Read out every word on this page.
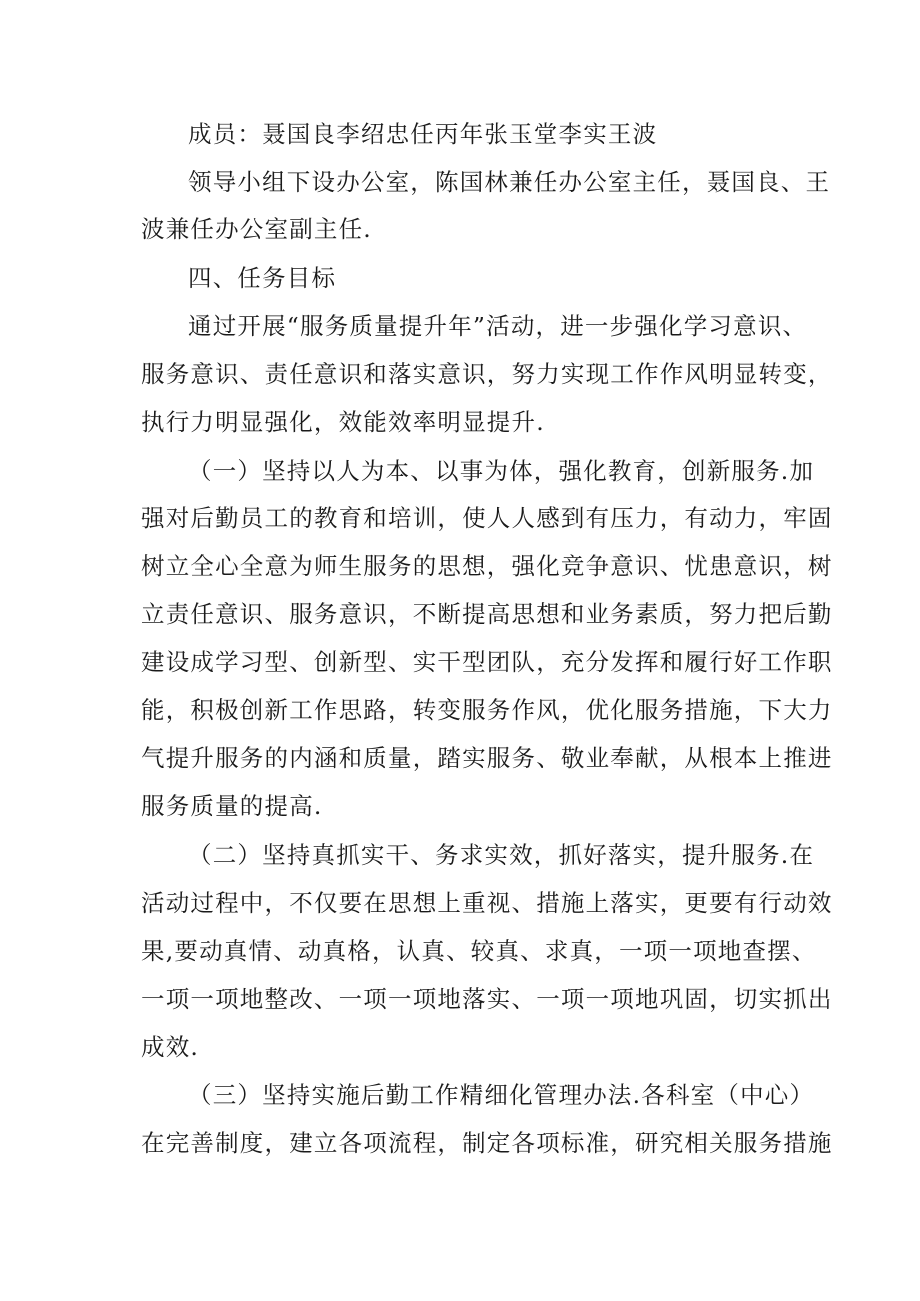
成员：聂国良李绍忠任丙年张玉堂李实王波
领导小组下设办公室，陈国林兼任办公室主任，聂国良、王
波兼任办公室副主任.
四、任务目标
通过开展“服务质量提升年”活动，进一步强化学习意识、
服务意识、责任意识和落实意识，努力实现工作作风明显转变，
执行力明显强化，效能效率明显提升.
（一）坚持以人为本、以事为体，强化教育，创新服务.加
强对后勤员工的教育和培训，使人人感到有压力，有动力，牢固
树立全心全意为师生服务的思想，强化竞争意识、忧患意识，树
立责任意识、服务意识，不断提高思想和业务素质，努力把后勤
建设成学习型、创新型、实干型团队，充分发挥和履行好工作职
能，积极创新工作思路，转变服务作风，优化服务措施，下大力
气提升服务的内涵和质量，踏实服务、敬业奉献，从根本上推进
服务质量的提高.
（二）坚持真抓实干、务求实效，抓好落实，提升服务.在
活动过程中，不仅要在思想上重视、措施上落实，更要有行动效
果,要动真情、动真格，认真、较真、求真，一项一项地查摆、
一项一项地整改、一项一项地落实、一项一项地巩固，切实抓出
成效.
（三）坚持实施后勤工作精细化管理办法.各科室（中心）
在完善制度，建立各项流程，制定各项标准，研究相关服务措施
